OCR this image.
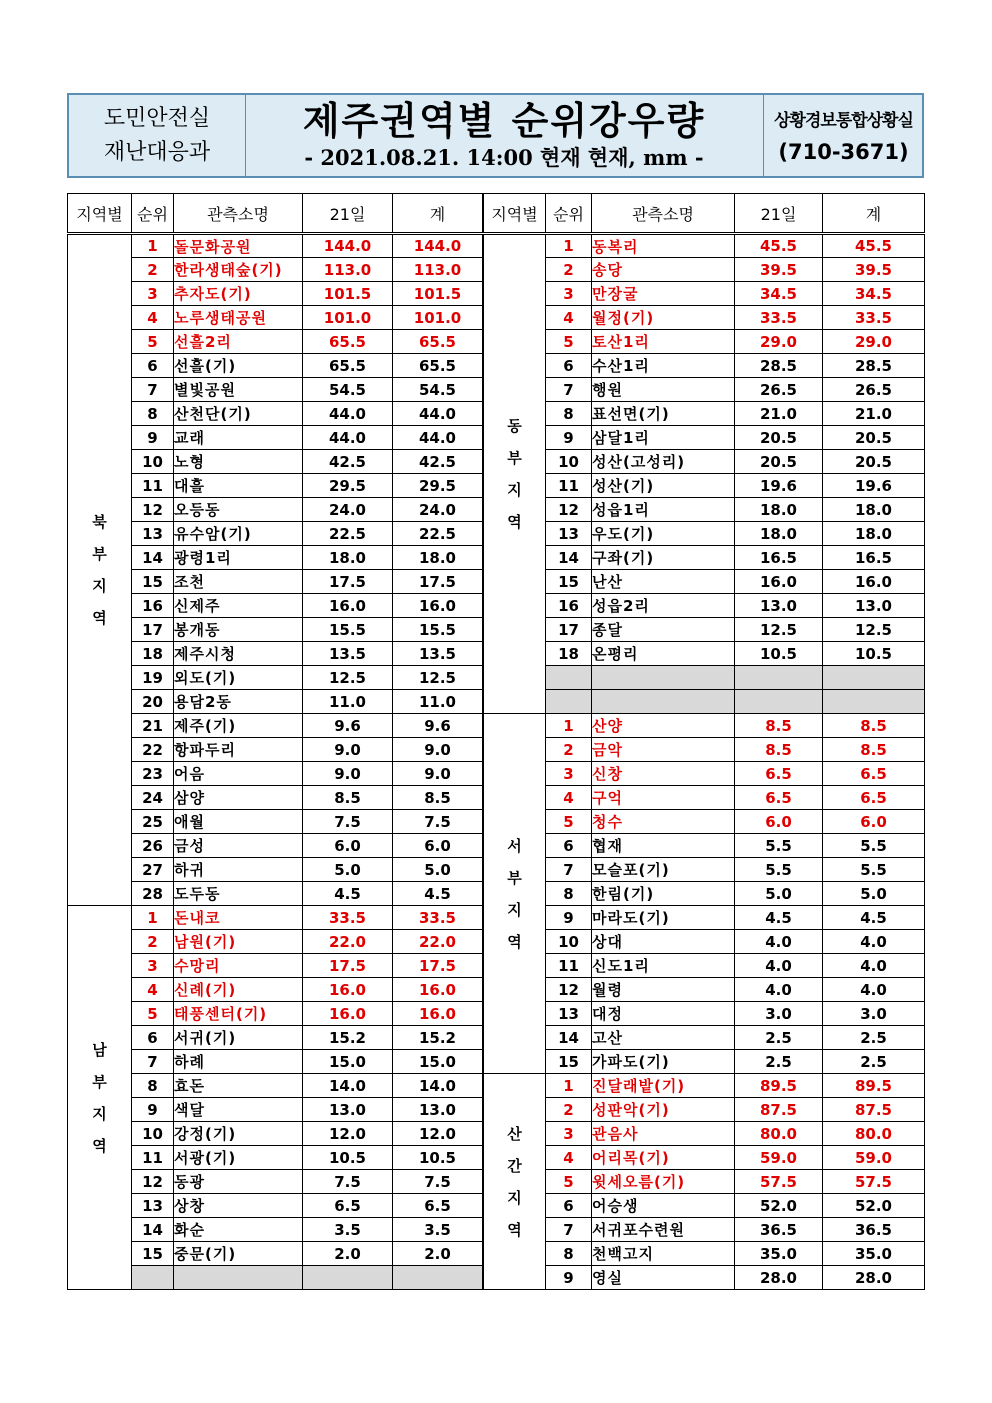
도민안전실
재난대응과
제주권역별 순위강우량
- 2021.08.21. 14:00 현재 현재, mm -
상황경보통합상황실
(710-3671)
지역별	순위	관측소명	21일	계

북
부
지
역	1	돌문화공원	144.0	144.0
	2	한라생태숲(기)	113.0	113.0
	3	추자도(기)	101.5	101.5
	4	노루생태공원	101.0	101.0
	5	선흘2리	65.5	65.5
	6	선흘(기)	65.5	65.5
	7	별빛공원	54.5	54.5
	8	산천단(기)	44.0	44.0
	9	교래	44.0	44.0
	10	노형	42.5	42.5
	11	대흘	29.5	29.5
	12	오등동	24.0	24.0
	13	유수암(기)	22.5	22.5
	14	광령1리	18.0	18.0
	15	조천	17.5	17.5
	16	신제주	16.0	16.0
	17	봉개동	15.5	15.5
	18	제주시청	13.5	13.5
	19	외도(기)	12.5	12.5
	20	용담2동	11.0	11.0
	21	제주(기)	9.6	9.6
	22	항파두리	9.0	9.0
	23	어음	9.0	9.0
	24	삼양	8.5	8.5
	25	애월	7.5	7.5
	26	금성	6.0	6.0
	27	하귀	5.0	5.0
	28	도두동	4.5	4.5

남
부
지
역	1	돈내코	33.5	33.5
	2	남원(기)	22.0	22.0
	3	수망리	17.5	17.5
	4	신례(기)	16.0	16.0
	5	태풍센터(기)	16.0	16.0
	6	서귀(기)	15.2	15.2
	7	하례	15.0	15.0
	8	효돈	14.0	14.0
	9	색달	13.0	13.0
	10	강정(기)	12.0	12.0
	11	서광(기)	10.5	10.5
	12	동광	7.5	7.5
	13	상창	6.5	6.5
	14	화순	3.5	3.5
	15	중문(기)	2.0	2.0

지역별	순위	관측소명	21일	계

동
부
지
역	1	동복리	45.5	45.5
	2	송당	39.5	39.5
	3	만장굴	34.5	34.5
	4	월정(기)	33.5	33.5
	5	토산1리	29.0	29.0
	6	수산1리	28.5	28.5
	7	행원	26.5	26.5
	8	표선면(기)	21.0	21.0
	9	삼달1리	20.5	20.5
	10	성산(고성리)	20.5	20.5
	11	성산(기)	19.6	19.6
	12	성읍1리	18.0	18.0
	13	우도(기)	18.0	18.0
	14	구좌(기)	16.5	16.5
	15	난산	16.0	16.0
	16	성읍2리	13.0	13.0
	17	종달	12.5	12.5
	18	온평리	10.5	10.5

서
부
지
역	1	산양	8.5	8.5
	2	금악	8.5	8.5
	3	신창	6.5	6.5
	4	구억	6.5	6.5
	5	청수	6.0	6.0
	6	협재	5.5	5.5
	7	모슬포(기)	5.5	5.5
	8	한림(기)	5.0	5.0
	9	마라도(기)	4.5	4.5
	10	상대	4.0	4.0
	11	신도1리	4.0	4.0
	12	월령	4.0	4.0
	13	대정	3.0	3.0
	14	고산	2.5	2.5
	15	가파도(기)	2.5	2.5

산
간
지
역	1	진달래밭(기)	89.5	89.5
	2	성판악(기)	87.5	87.5
	3	관음사	80.0	80.0
	4	어리목(기)	59.0	59.0
	5	윗세오름(기)	57.5	57.5
	6	어승생	52.0	52.0
	7	서귀포수련원	36.5	36.5
	8	천백고지	35.0	35.0
	9	영실	28.0	28.0
